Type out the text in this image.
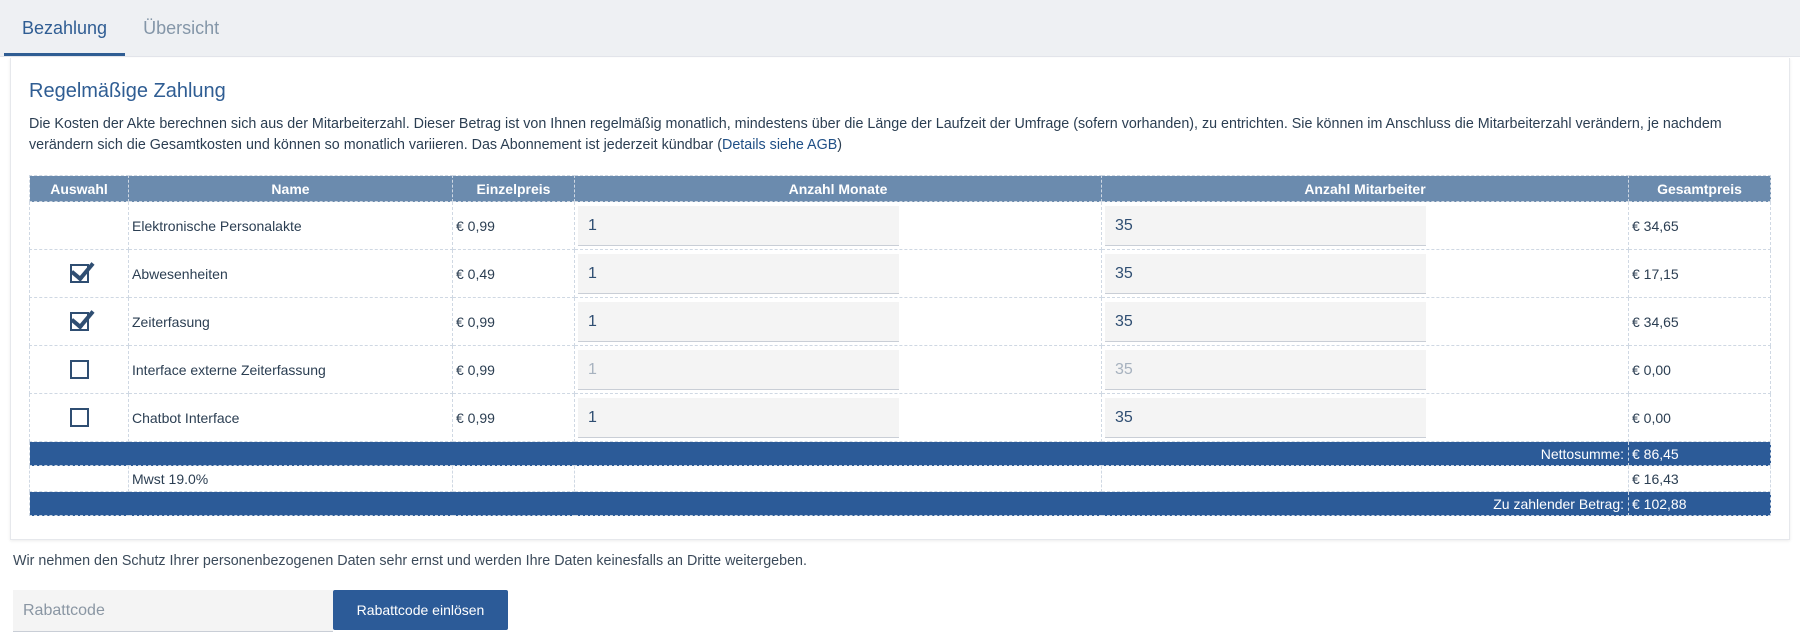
Bezahlung	Übersicht
Regelmäßige Zahlung
Die Kosten der Akte berechnen sich aus der Mitarbeiterzahl. Dieser Betrag ist von Ihnen regelmäßig monatlich, mindestens über die Länge der Laufzeit der Umfrage (sofern vorhanden), zu entrichten. Sie können im Anschluss die Mitarbeiterzahl verändern, je nachdem verändern sich die Gesamtkosten und können so monatlich variieren. Das Abonnement ist jederzeit kündbar (Details siehe AGB)
Auswahl	Name	Einzelpreis	Anzahl Monate	Anzahl Mitarbeiter	Gesamtpreis
	Elektronische Personalakte	€ 0,99	1	35	€ 34,65
	Abwesenheiten	€ 0,49	1	35	€ 17,15
	Zeiterfasung	€ 0,99	1	35	€ 34,65
	Interface externe Zeiterfassung	€ 0,99	1	35	€ 0,00
	Chatbot Interface	€ 0,99	1	35	€ 0,00
Nettosumme:					€ 86,45
	Mwst 19.0%				€ 16,43
Zu zahlender Betrag:					€ 102,88
Wir nehmen den Schutz Ihrer personenbezogenen Daten sehr ernst und werden Ihre Daten keinesfalls an Dritte weitergeben.
Rabattcode	Rabattcode einlösen
